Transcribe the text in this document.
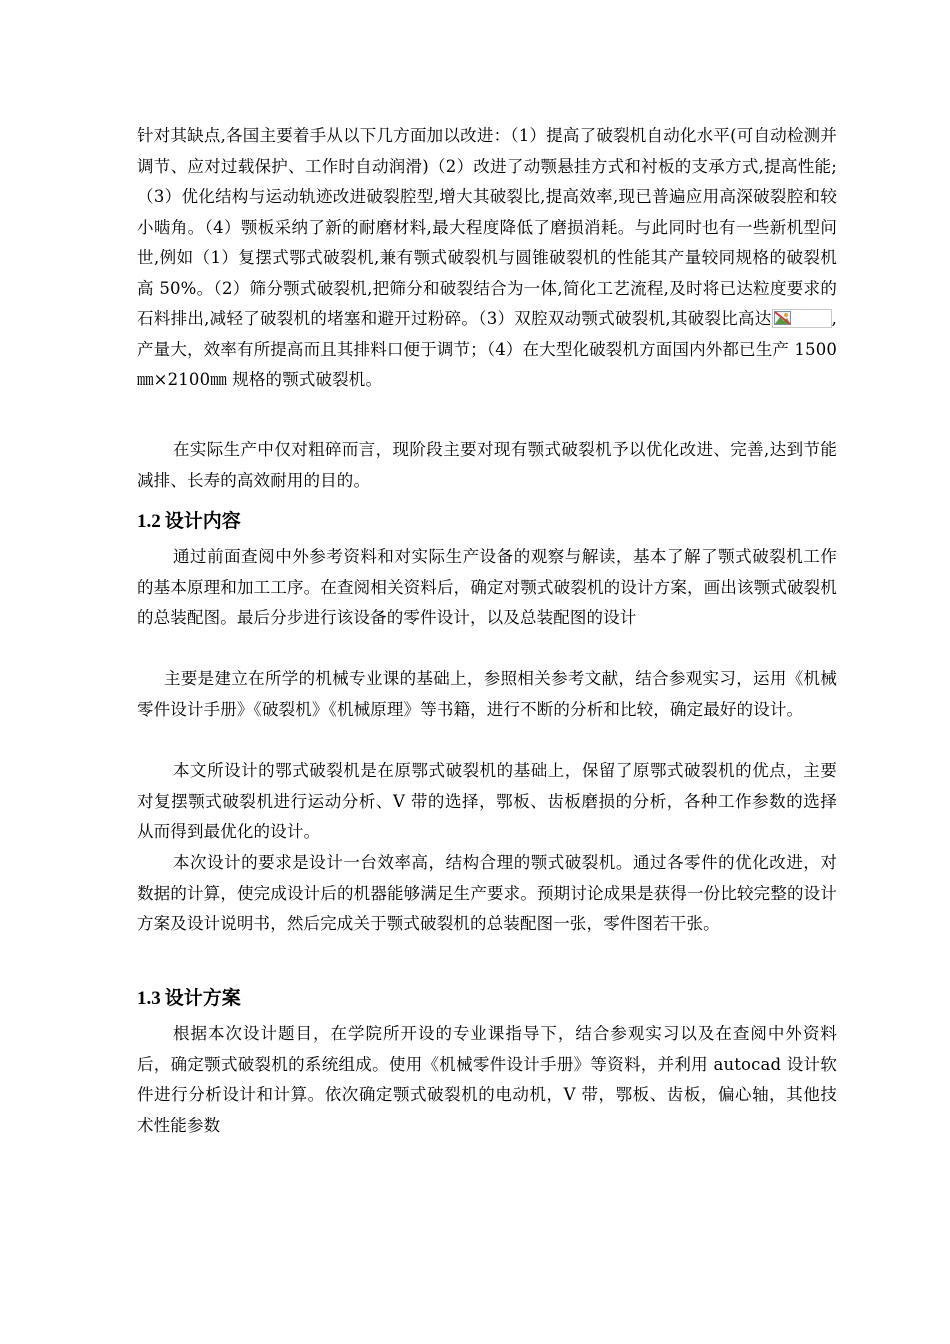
针对其缺点,各国主要着手从以下几方面加以改进：（1）提高了破裂机自动化水平(可自动检测并调节、应对过载保护、工作时自动润滑)（2）改进了动颚悬挂方式和衬板的支承方式,提高性能;（3）优化结构与运动轨迹改进破裂腔型,增大其破裂比,提高效率,现已普遍应用高深破裂腔和较小啮角。（4）颚板采纳了新的耐磨材料,最大程度降低了磨损消耗。与此同时也有一些新机型问世,例如（1）复摆式鄂式破裂机,兼有颚式破裂机与圆锥破裂机的性能其产量较同规格的破裂机高 50%。（2）筛分颚式破裂机,把筛分和破裂结合为一体,简化工艺流程,及时将已达粒度要求的石料排出,减轻了破裂机的堵塞和避开过粉碎。（3）双腔双动颚式破裂机,其破裂比高达	,产量大，效率有所提高而且其排料口便于调节；（4）在大型化破裂机方面国内外都已生产 1500㎜×2100㎜ 规格的颚式破裂机。

在实际生产中仅对粗碎而言，现阶段主要对现有颚式破裂机予以优化改进、完善,达到节能减排、长寿的高效耐用的目的。

1.2 设计内容

通过前面查阅中外参考资料和对实际生产设备的观察与解读，基本了解了颚式破裂机工作的基本原理和加工工序。在查阅相关资料后，确定对颚式破裂机的设计方案，画出该颚式破裂机的总装配图。最后分步进行该设备的零件设计，以及总装配图的设计

主要是建立在所学的机械专业课的基础上，参照相关参考文献，结合参观实习，运用《机械零件设计手册》《破裂机》《机械原理》等书籍，进行不断的分析和比较，确定最好的设计。

本文所设计的鄂式破裂机是在原鄂式破裂机的基础上，保留了原鄂式破裂机的优点，主要对复摆颚式破裂机进行运动分析、V 带的选择，鄂板、齿板磨损的分析，各种工作参数的选择从而得到最优化的设计。

本次设计的要求是设计一台效率高，结构合理的颚式破裂机。通过各零件的优化改进，对数据的计算，使完成设计后的机器能够满足生产要求。预期讨论成果是获得一份比较完整的设计方案及设计说明书，然后完成关于颚式破裂机的总装配图一张，零件图若干张。

1.3 设计方案

根据本次设计题目，在学院所开设的专业课指导下，结合参观实习以及在查阅中外资料后，确定颚式破裂机的系统组成。使用《机械零件设计手册》等资料，并利用 autocad 设计软件进行分析设计和计算。依次确定颚式破裂机的电动机，V 带，鄂板、齿板，偏心轴，其他技术性能参数
